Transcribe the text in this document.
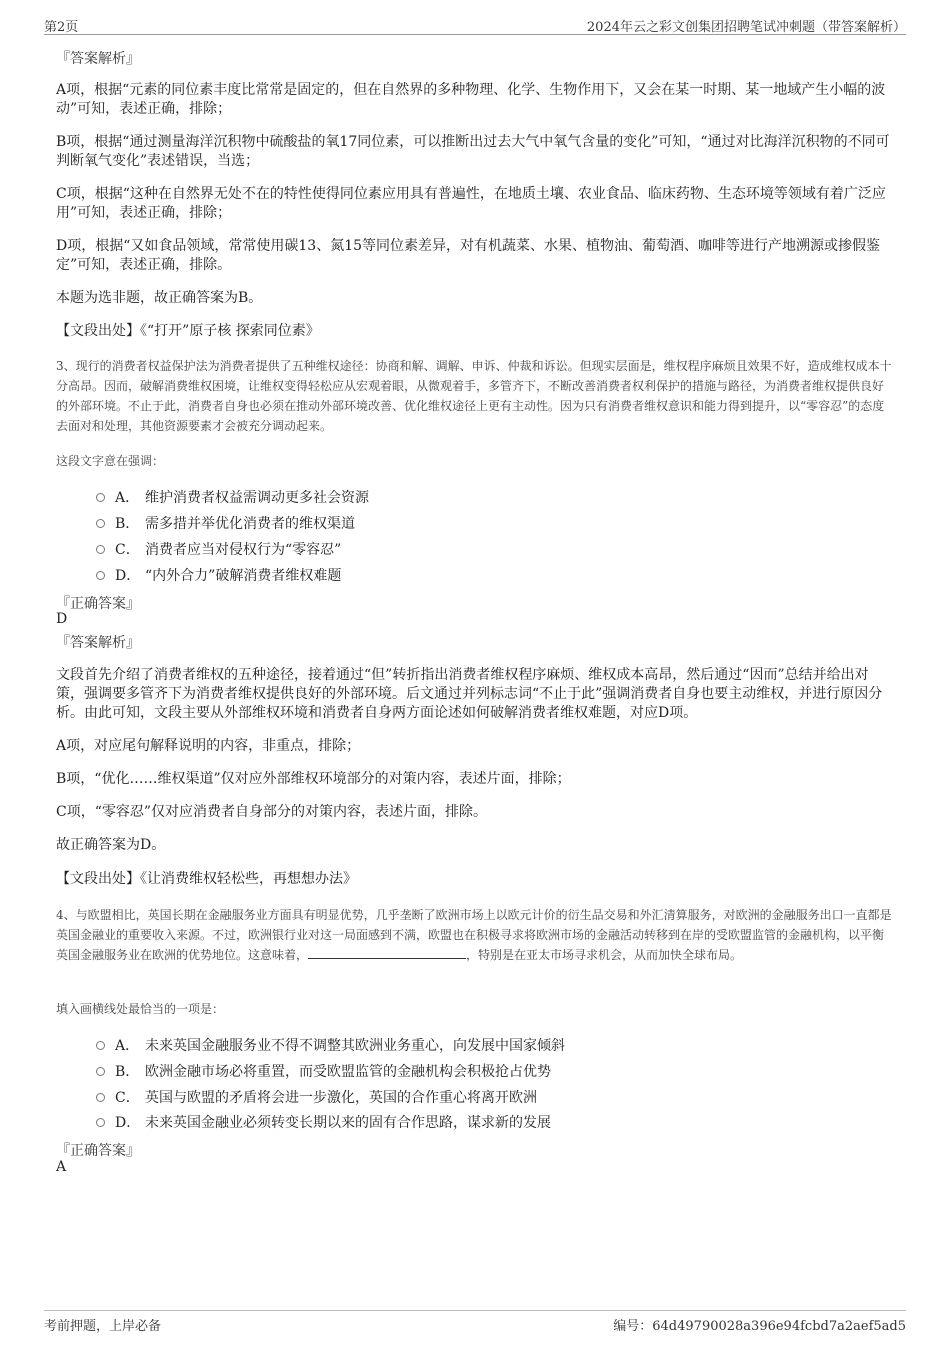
第2页	2024年云之彩文创集团招聘笔试冲刺题（带答案解析）
『答案解析』
A项，根据“元素的同位素丰度比常常是固定的，但在自然界的多种物理、化学、生物作用下，又会在某一时期、某一地域产生小幅的波动”可知，表述正确，排除；
B项，根据“通过测量海洋沉积物中硫酸盐的氧17同位素，可以推断出过去大气中氧气含量的变化”可知，“通过对比海洋沉积物的不同可判断氧气变化”表述错误，当选；
C项，根据“这种在自然界无处不在的特性使得同位素应用具有普遍性，在地质土壤、农业食品、临床药物、生态环境等领域有着广泛应用”可知，表述正确，排除；
D项，根据“又如食品领域，常常使用碳13、氮15等同位素差异，对有机蔬菜、水果、植物油、葡萄酒、咖啡等进行产地溯源或掺假鉴定”可知，表述正确，排除。
本题为选非题，故正确答案为B。
【文段出处】《“打开”原子核 探索同位素》
3、现行的消费者权益保护法为消费者提供了五种维权途径：协商和解、调解、申诉、仲裁和诉讼。但现实层面是，维权程序麻烦且效果不好，造成维权成本十分高昂。因而，破解消费维权困境，让维权变得轻松应从宏观着眼，从微观着手，多管齐下，不断改善消费者权利保护的措施与路径，为消费者维权提供良好的外部环境。不止于此，消费者自身也必须在推动外部环境改善、优化维权途径上更有主动性。因为只有消费者维权意识和能力得到提升，以“零容忍”的态度去面对和处理，其他资源要素才会被充分调动起来。
这段文字意在强调：
A． 维护消费者权益需调动更多社会资源
B． 需多措并举优化消费者的维权渠道
C． 消费者应当对侵权行为“零容忍”
D． “内外合力”破解消费者维权难题
『正确答案』
D
『答案解析』
文段首先介绍了消费者维权的五种途径，接着通过“但”转折指出消费者维权程序麻烦、维权成本高昂，然后通过“因而”总结并给出对策，强调要多管齐下为消费者维权提供良好的外部环境。后文通过并列标志词“不止于此”强调消费者自身也要主动维权，并进行原因分析。由此可知，文段主要从外部维权环境和消费者自身两方面论述如何破解消费者维权难题，对应D项。
A项，对应尾句解释说明的内容，非重点，排除；
B项，“优化……维权渠道”仅对应外部维权环境部分的对策内容，表述片面，排除；
C项，“零容忍”仅对应消费者自身部分的对策内容，表述片面，排除。
故正确答案为D。
【文段出处】《让消费维权轻松些，再想想办法》
4、与欧盟相比，英国长期在金融服务业方面具有明显优势，几乎垄断了欧洲市场上以欧元计价的衍生品交易和外汇清算服务，对欧洲的金融服务出口一直都是英国金融业的重要收入来源。不过，欧洲银行业对这一局面感到不满，欧盟也在积极寻求将欧洲市场的金融活动转移到在岸的受欧盟监管的金融机构，以平衡英国金融服务业在欧洲的优势地位。这意味着，	，特别是在亚太市场寻求机会，从而加快全球布局。
填入画横线处最恰当的一项是：
A． 未来英国金融服务业不得不调整其欧洲业务重心，向发展中国家倾斜
B． 欧洲金融市场必将重置，而受欧盟监管的金融机构会积极抢占优势
C． 英国与欧盟的矛盾将会进一步激化，英国的合作重心将离开欧洲
D． 未来英国金融业必须转变长期以来的固有合作思路，谋求新的发展
『正确答案』
A
考前押题，上岸必备	编号：64d49790028a396e94fcbd7a2aef5ad5
